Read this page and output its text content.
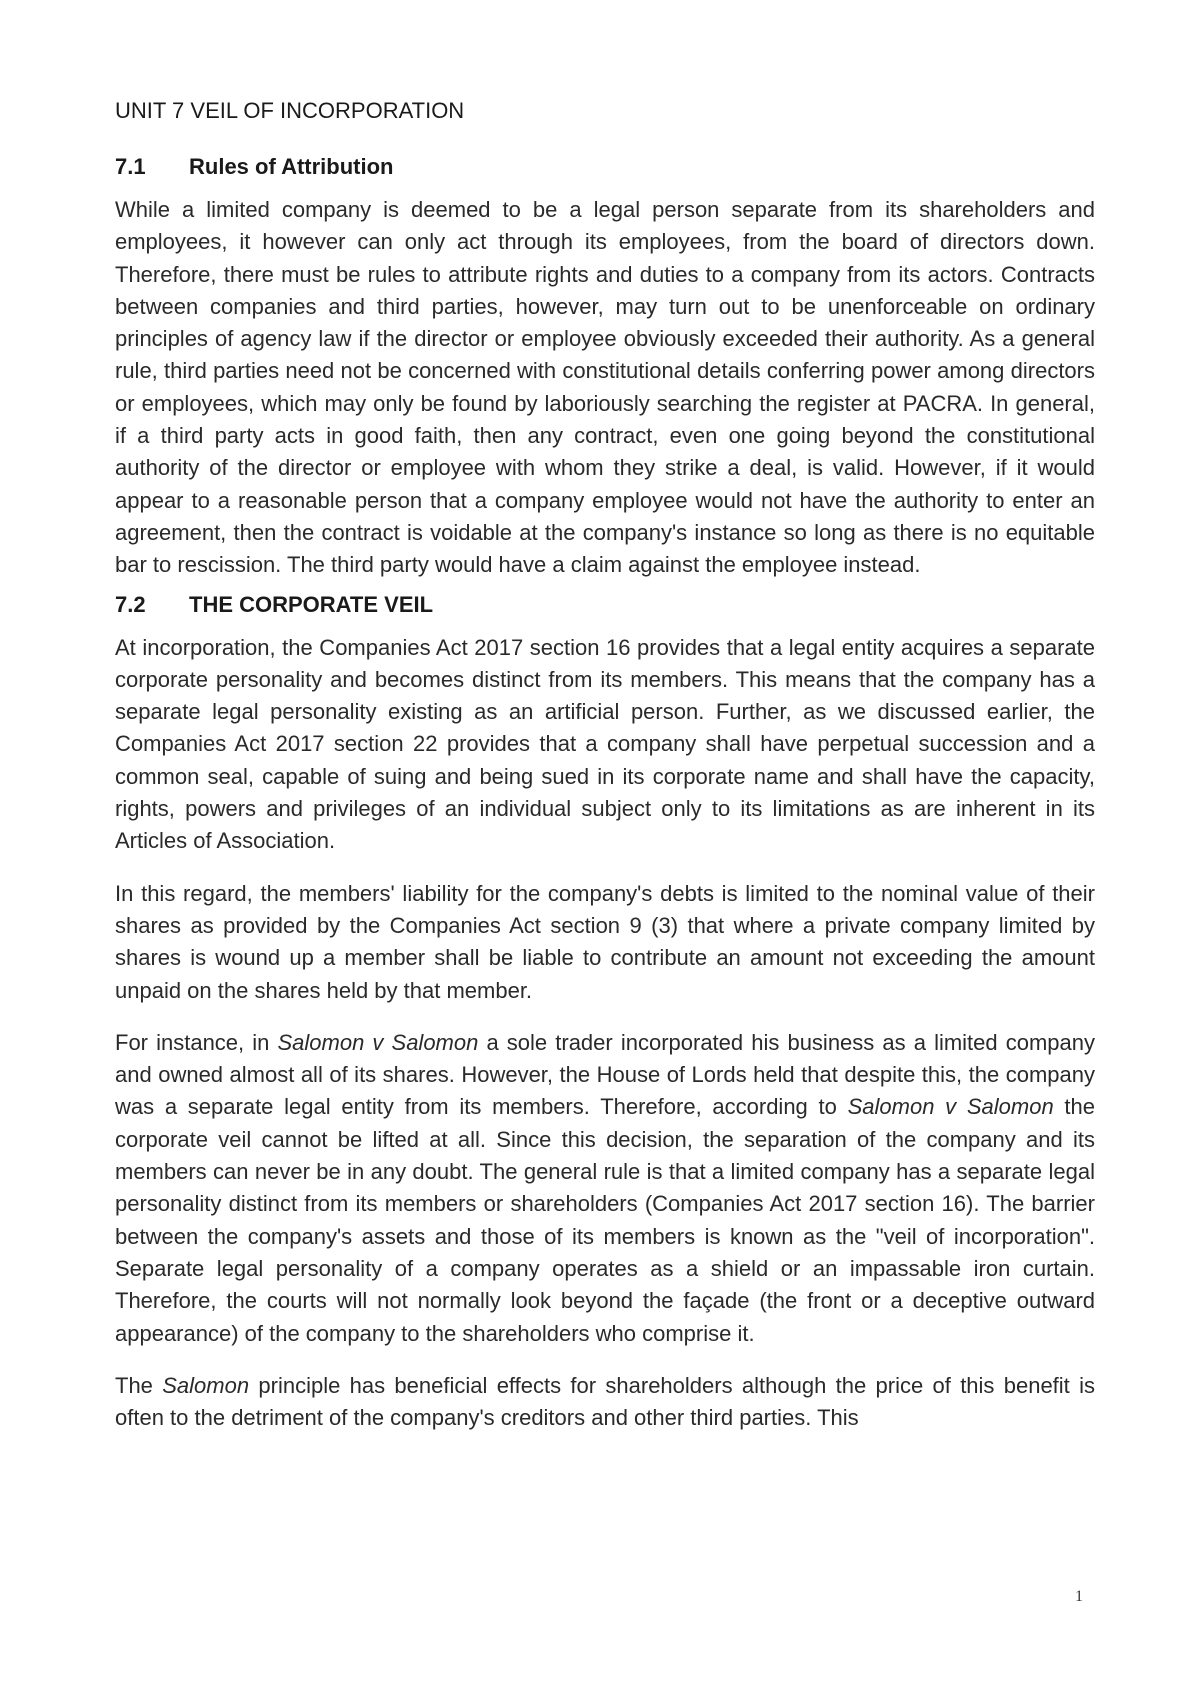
UNIT 7 VEIL OF INCORPORATION
7.1 Rules of Attribution

While a limited company is deemed to be a legal person separate from its shareholders and employees, it however can only act through its employees, from the board of directors down. Therefore, there must be rules to attribute rights and duties to a company from its actors. Contracts between companies and third parties, however, may turn out to be unenforceable on ordinary principles of agency law if the director or employee obviously exceeded their authority. As a general rule, third parties need not be concerned with constitutional details conferring power among directors or employees, which may only be found by laboriously searching the register at PACRA. In general, if a third party acts in good faith, then any contract, even one going beyond the constitutional authority of the director or employee with whom they strike a deal, is valid. However, if it would appear to a reasonable person that a company employee would not have the authority to enter an agreement, then the contract is voidable at the company's instance so long as there is no equitable bar to rescission. The third party would have a claim against the employee instead.

7.2 THE CORPORATE VEIL

At incorporation, the Companies Act 2017 section 16 provides that a legal entity acquires a separate corporate personality and becomes distinct from its members. This means that the company has a separate legal personality existing as an artificial person. Further, as we discussed earlier, the Companies Act 2017 section 22 provides that a company shall have perpetual succession and a common seal, capable of suing and being sued in its corporate name and shall have the capacity, rights, powers and privileges of an individual subject only to its limitations as are inherent in its Articles of Association.

In this regard, the members' liability for the company's debts is limited to the nominal value of their shares as provided by the Companies Act section 9 (3) that where a private company limited by shares is wound up a member shall be liable to contribute an amount not exceeding the amount unpaid on the shares held by that member.

For instance, in Salomon v Salomon a sole trader incorporated his business as a limited company and owned almost all of its shares. However, the House of Lords held that despite this, the company was a separate legal entity from its members. Therefore, according to Salomon v Salomon the corporate veil cannot be lifted at all. Since this decision, the separation of the company and its members can never be in any doubt. The general rule is that a limited company has a separate legal personality distinct from its members or shareholders (Companies Act 2017 section 16). The barrier between the company's assets and those of its members is known as the "veil of incorporation". Separate legal personality of a company operates as a shield or an impassable iron curtain. Therefore, the courts will not normally look beyond the façade (the front or a deceptive outward appearance) of the company to the shareholders who comprise it.

The Salomon principle has beneficial effects for shareholders although the price of this benefit is often to the detriment of the company's creditors and other third parties. This

1
